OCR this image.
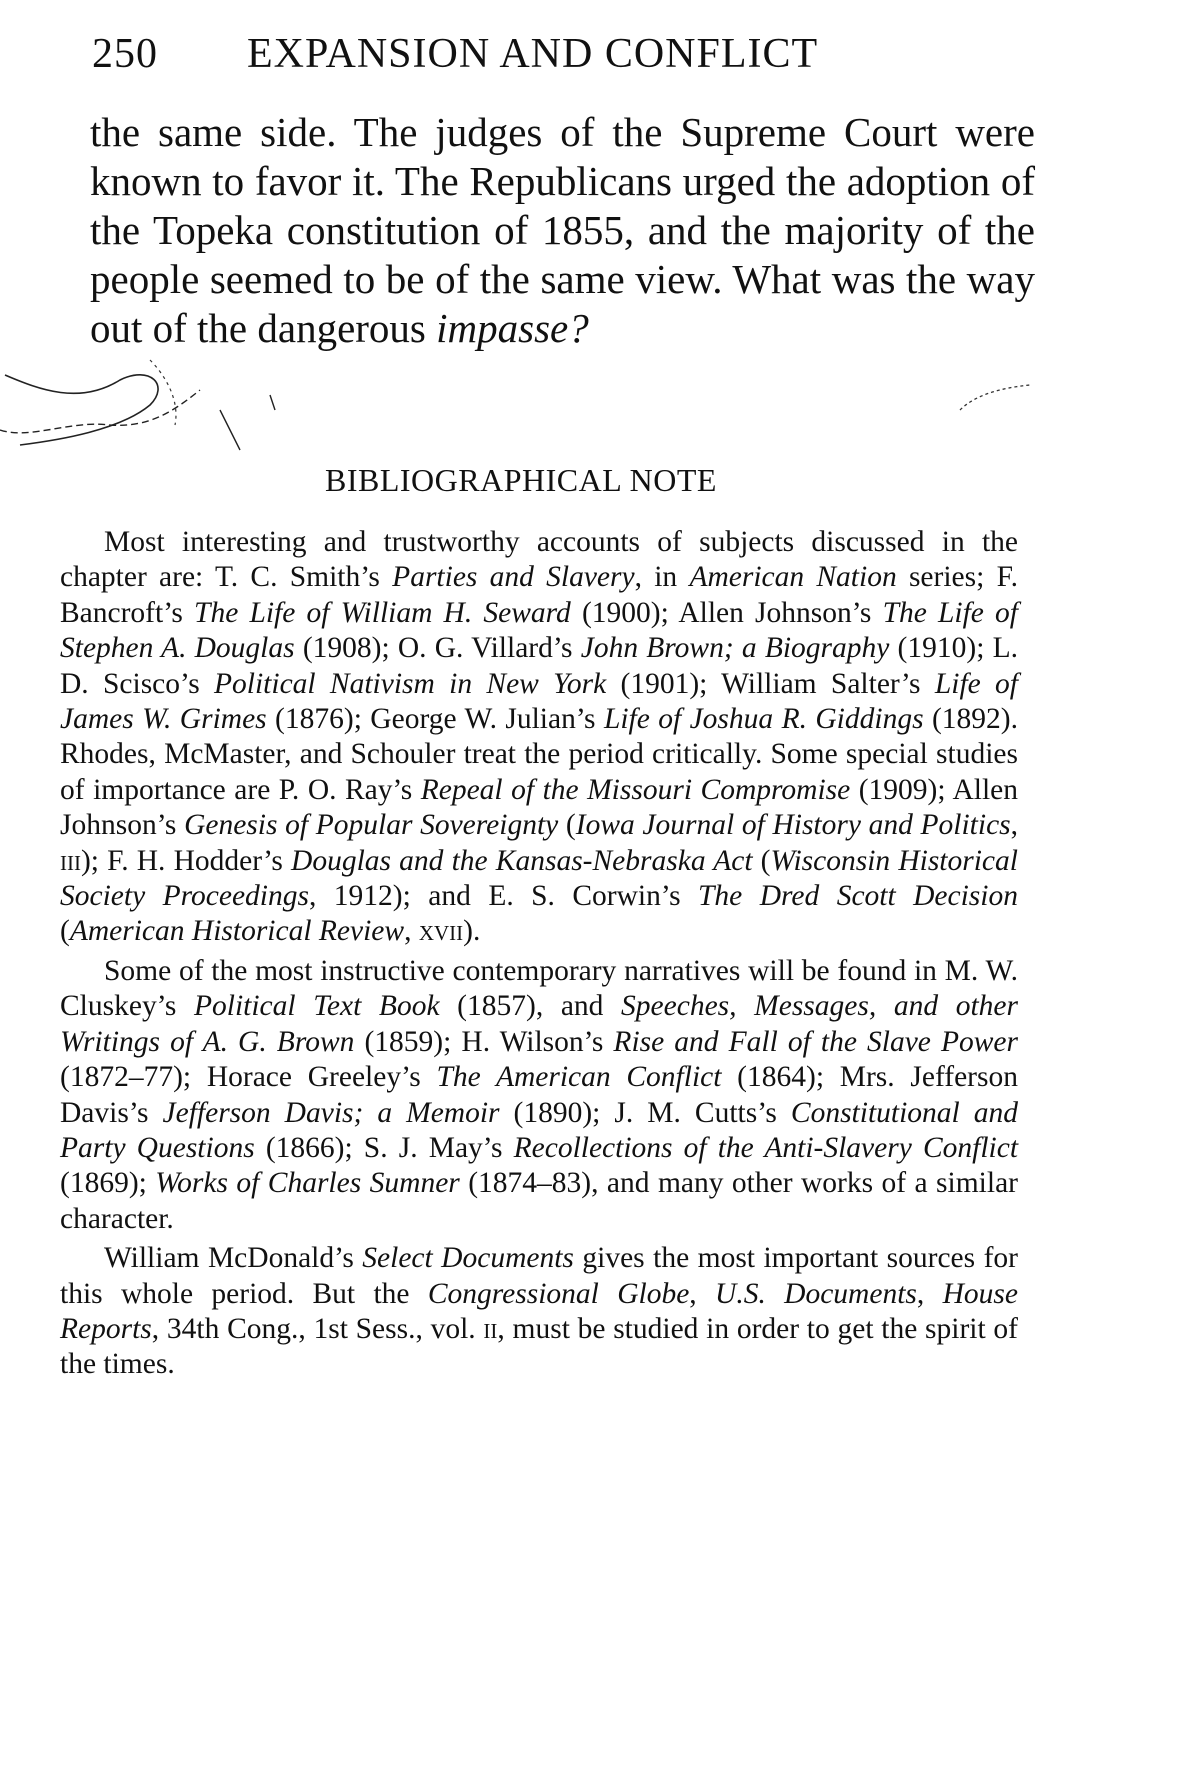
250 EXPANSION AND CONFLICT
the same side. The judges of the Supreme Court were known to favor it. The Republicans urged the adoption of the Topeka constitution of 1855, and the majority of the people seemed to be of the same view. What was the way out of the dangerous impasse?
BIBLIOGRAPHICAL NOTE

Most interesting and trustworthy accounts of subjects discussed in the chapter are: T. C. Smith’s Parties and Slavery, in American Nation series; F. Bancroft’s The Life of William H. Seward (1900); Allen Johnson’s The Life of Stephen A. Douglas (1908); O. G. Villard’s John Brown; a Biography (1910); L. D. Scisco’s Political Nativism in New York (1901); William Salter’s Life of James W. Grimes (1876); George W. Julian’s Life of Joshua R. Giddings (1892). Rhodes, McMaster, and Schouler treat the period critically. Some special studies of importance are P. O. Ray’s Repeal of the Missouri Compromise (1909); Allen Johnson’s Genesis of Popular Sovereignty (Iowa Journal of History and Politics, iii); F. H. Hodder’s Douglas and the Kansas-Nebraska Act (Wisconsin Historical Society Proceedings, 1912); and E. S. Corwin’s The Dred Scott Decision (American Historical Review, xvii).

Some of the most instructive contemporary narratives will be found in M. W. Cluskey’s Political Text Book (1857), and Speeches, Messages, and other Writings of A. G. Brown (1859); H. Wilson’s Rise and Fall of the Slave Power (1872–77); Horace Greeley’s The American Conflict (1864); Mrs. Jefferson Davis’s Jefferson Davis; a Memoir (1890); J. M. Cutts’s Constitutional and Party Questions (1866); S. J. May’s Recollections of the Anti-Slavery Conflict (1869); Works of Charles Sumner (1874–83), and many other works of a similar character.

William McDonald’s Select Documents gives the most important sources for this whole period. But the Congressional Globe, U.S. Documents, House Reports, 34th Cong., 1st Sess., vol. ii, must be studied in order to get the spirit of the times.
